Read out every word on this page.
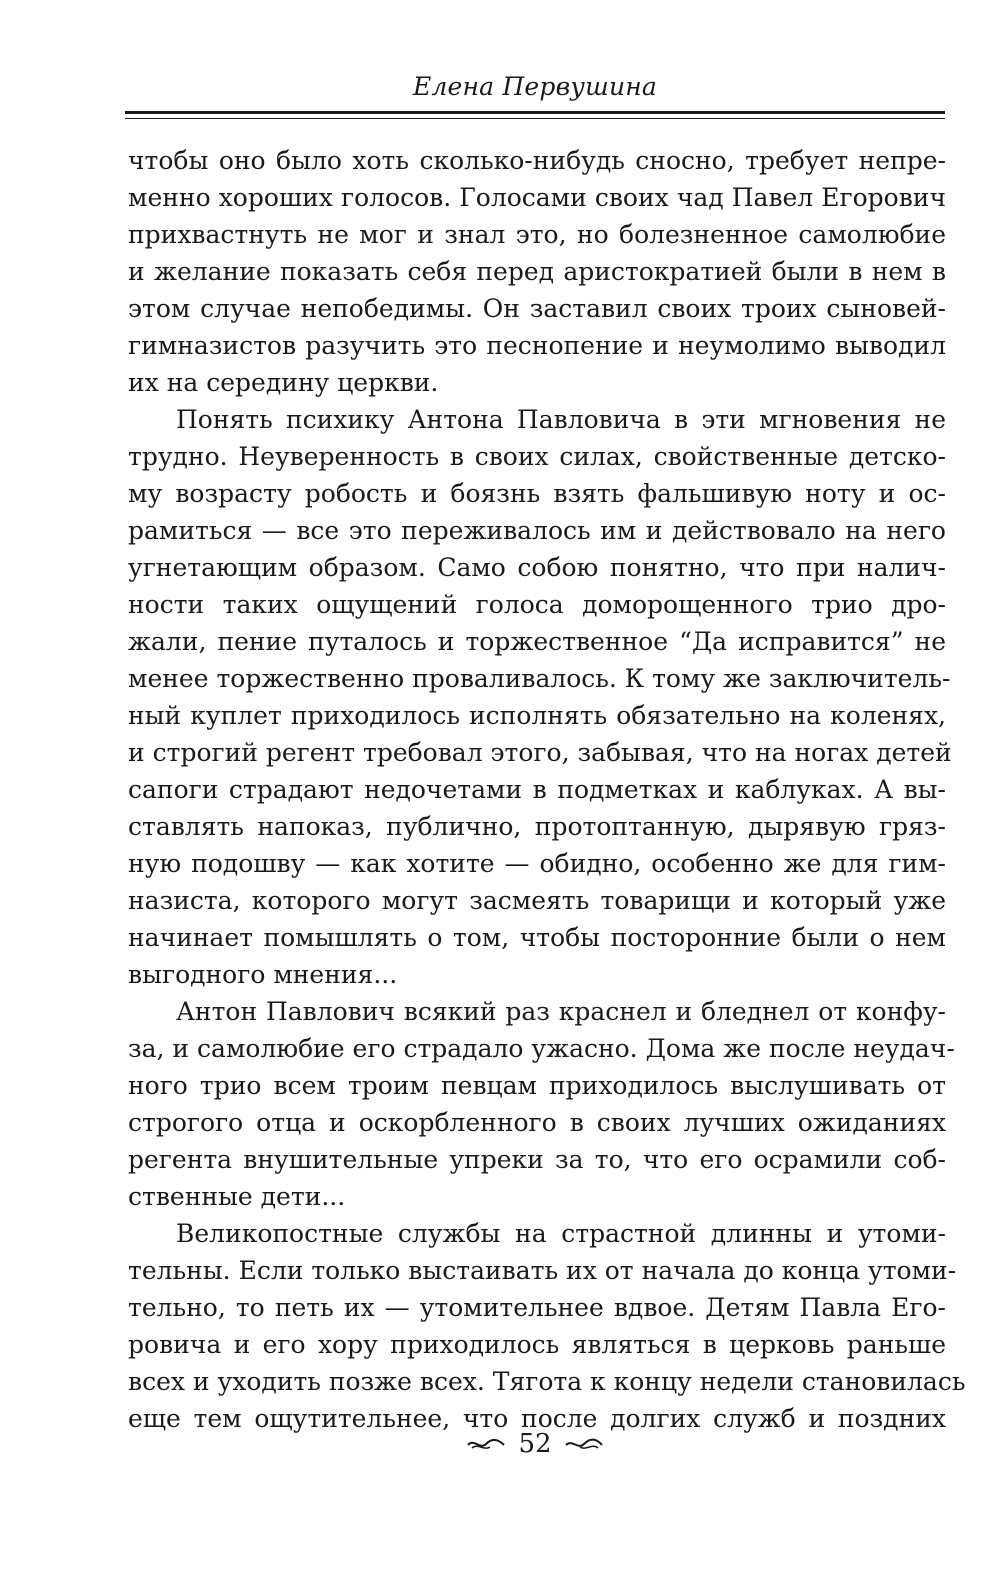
Елена Первушина

чтобы оно было хоть сколько-нибудь сносно, требует непре-
менно хороших голосов. Голосами своих чад Павел Егорович
прихвастнуть не мог и знал это, но болезненное самолюбие
и желание показать себя перед аристократией были в нем в
этом случае непобедимы. Он заставил своих троих сыновей-
гимназистов разучить это песнопение и неумолимо выводил
их на середину церкви.

Понять психику Антона Павловича в эти мгновения не
трудно. Неуверенность в своих силах, свойственные детско-
му возрасту робость и боязнь взять фальшивую ноту и ос-
рамиться — все это переживалось им и действовало на него
угнетающим образом. Само собою понятно, что при налич-
ности таких ощущений голоса доморощенного трио дро-
жали, пение путалось и торжественное “Да исправится” не
менее торжественно проваливалось. К тому же заключитель-
ный куплет приходилось исполнять обязательно на коленях,
и строгий регент требовал этого, забывая, что на ногах детей
сапоги страдают недочетами в подметках и каблуках. А вы-
ставлять напоказ, публично, протоптанную, дырявую гряз-
ную подошву — как хотите — обидно, особенно же для гим-
назиста, которого могут засмеять товарищи и который уже
начинает помышлять о том, чтобы посторонние были о нем
выгодного мнения...

Антон Павлович всякий раз краснел и бледнел от конфу-
за, и самолюбие его страдало ужасно. Дома же после неудач-
ного трио всем троим певцам приходилось выслушивать от
строгого отца и оскорбленного в своих лучших ожиданиях
регента внушительные упреки за то, что его осрамили соб-
ственные дети...

Великопостные службы на страстной длинны и утоми-
тельны. Если только выстаивать их от начала до конца утоми-
тельно, то петь их — утомительнее вдвое. Детям Павла Его-
ровича и его хору приходилось являться в церковь раньше
всех и уходить позже всех. Тягота к концу недели становилась
еще тем ощутительнее, что после долгих служб и поздних

52
